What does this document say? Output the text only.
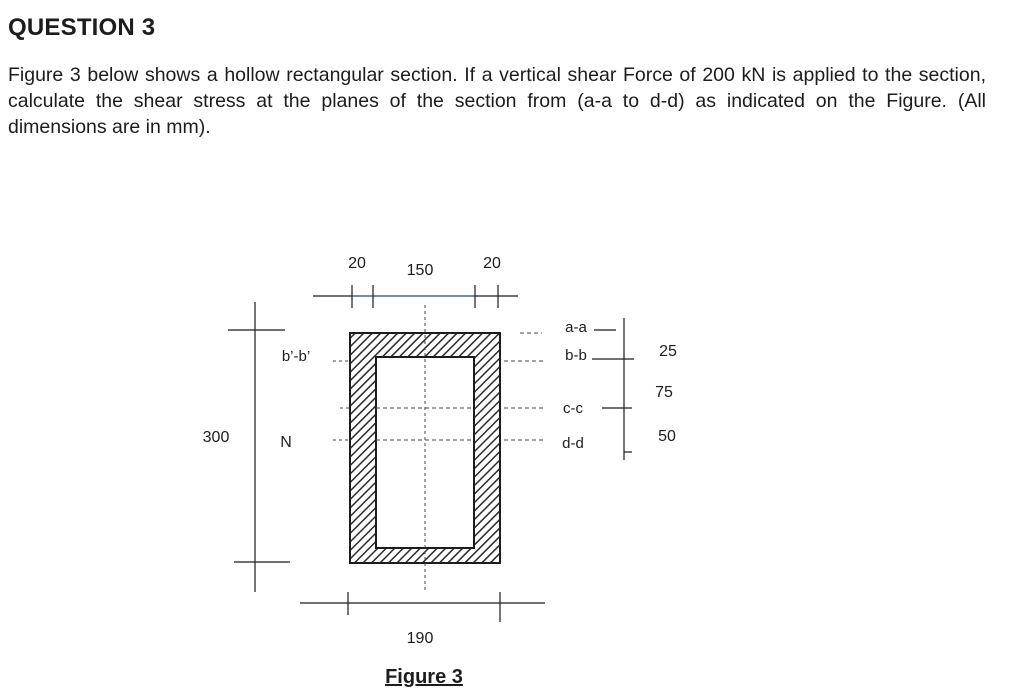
QUESTION 3
Figure 3 below shows a hollow rectangular section. If a vertical shear Force of 200 kN is applied to the section, calculate the shear stress at the planes of the section from (a-a to d-d) as indicated on the Figure. (All dimensions are in mm).
20	150	20
190
300
b’-b’
N
a-a
b-b
c-c
d-d
25
75
50
Figure 3
